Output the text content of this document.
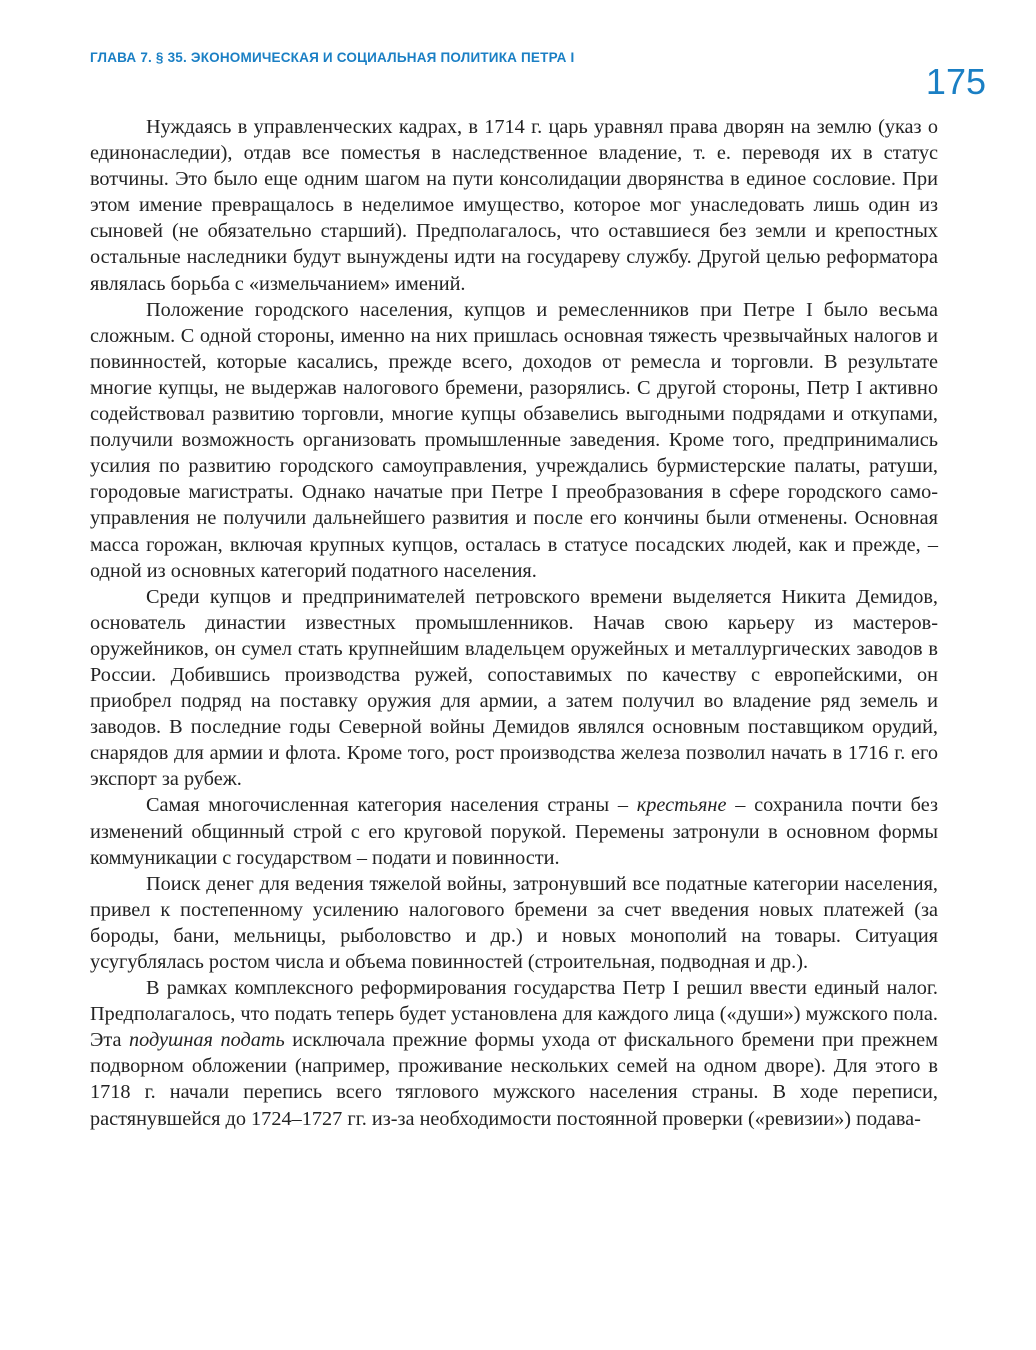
ГЛАВА 7. § 35. ЭКОНОМИЧЕСКАЯ И СОЦИАЛЬНАЯ ПОЛИТИКА ПЕТРА I
175

Нуждаясь в управленческих кадрах, в 1714 г. царь уравнял права дворян на землю (указ о единонаследии), отдав все поместья в наследственное владение, т. е. переводя их в статус вотчины. Это было еще одним шагом на пути консолидации дворянства в единое сословие. При этом имение превращалось в неделимое имущество, которое мог унаследовать лишь один из сыновей (не обязательно старший). Предполагалось, что оставшиеся без земли и крепостных остальные наследники будут вынуждены идти на государеву службу. Другой целью реформатора являлась борьба с «измельчанием» имений.

Положение городского населения, купцов и ремесленников при Петре I было весьма сложным. С одной стороны, именно на них пришлась основная тяжесть чрезвычайных налогов и повинностей, которые касались, прежде всего, доходов от ремесла и торговли. В результате многие купцы, не выдержав налогового бремени, разорялись. С другой стороны, Петр I активно содействовал развитию торговли, многие купцы обзавелись выгодными подрядами и откупами, получили возможность организовать промышленные заведения. Кроме того, предпринимались усилия по развитию городского самоуправления, учреждались бурмистерские палаты, ратуши, городовые магистраты. Однако начатые при Петре I преобразования в сфере городского самоуправления не получили дальнейшего развития и после его кончины были отменены. Основная масса горожан, включая крупных купцов, осталась в статусе посадских людей, как и прежде, – одной из основных категорий податного населения.

Среди купцов и предпринимателей петровского времени выделяется Никита Демидов, основатель династии известных промышленников. Начав свою карьеру из мастеров-оружейников, он сумел стать крупнейшим владельцем оружейных и металлургических заводов в России. Добившись производства ружей, сопоставимых по качеству с европейскими, он приобрел подряд на поставку оружия для армии, а затем получил во владение ряд земель и заводов. В последние годы Северной войны Демидов являлся основным поставщиком орудий, снарядов для армии и флота. Кроме того, рост производства железа позволил начать в 1716 г. его экспорт за рубеж.

Самая многочисленная категория населения страны – крестьяне – сохранила почти без изменений общинный строй с его круговой порукой. Перемены затронули в основном формы коммуникации с государством – подати и повинности.

Поиск денег для ведения тяжелой войны, затронувший все податные категории населения, привел к постепенному усилению налогового бремени за счет введения новых платежей (за бороды, бани, мельницы, рыболовство и др.) и новых монополий на товары. Ситуация усугублялась ростом числа и объема повинностей (строительная, подводная и др.).

В рамках комплексного реформирования государства Петр I решил ввести единый налог. Предполагалось, что подать теперь будет установлена для каждого лица («души») мужского пола. Эта подушная подать исключала прежние формы ухода от фискального бремени при прежнем подворном обложении (например, проживание нескольких семей на одном дворе). Для этого в 1718 г. начали перепись всего тяглового мужского населения страны. В ходе переписи, растянувшейся до 1724–1727 гг. из-за необходимости постоянной проверки («ревизии») подава-
